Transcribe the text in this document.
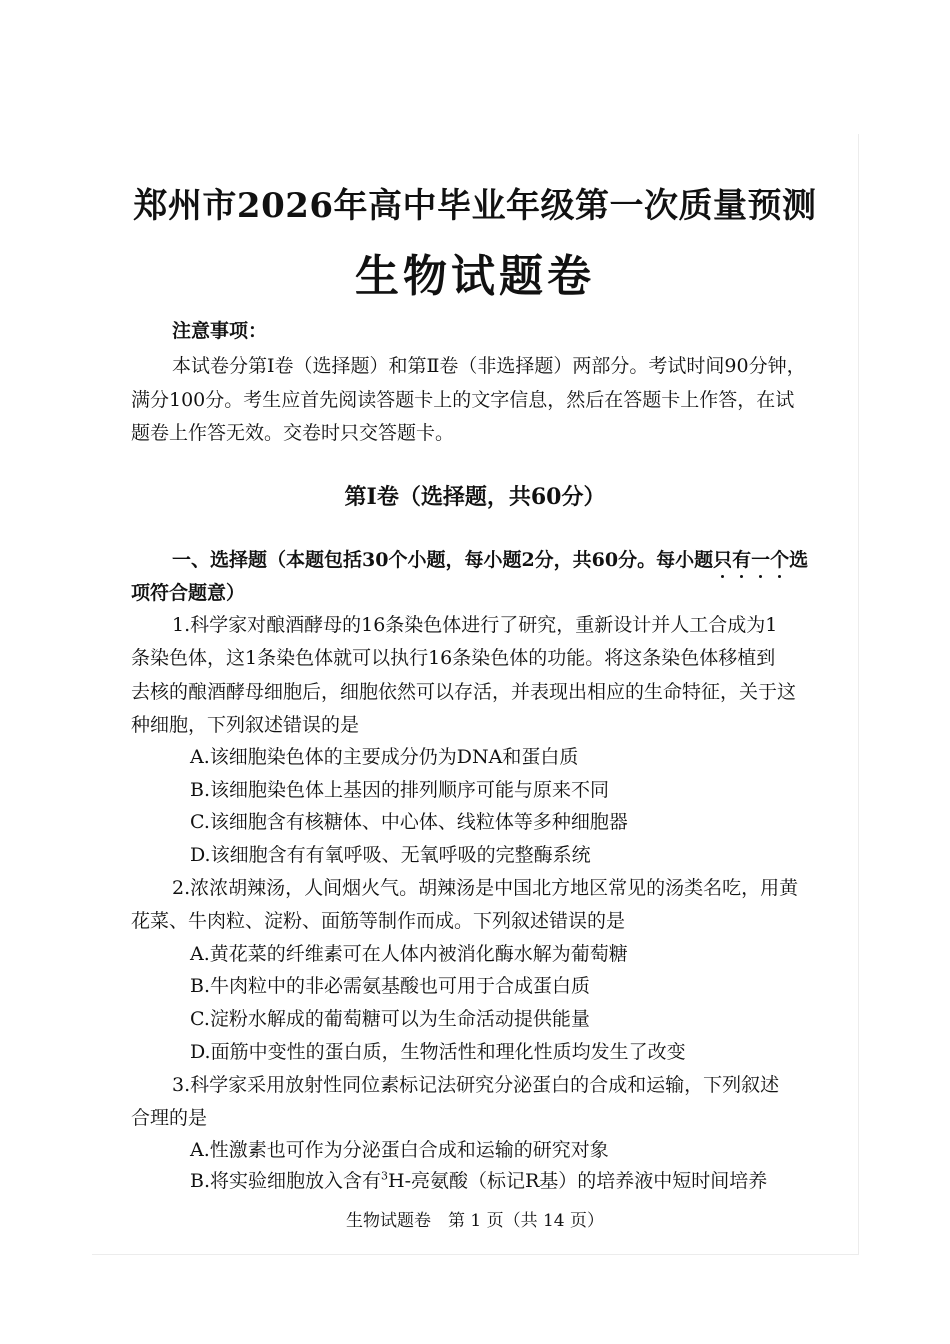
郑州市2026年高中毕业年级第一次质量预测
生物试题卷
注意事项：
本试卷分第Ⅰ卷（选择题）和第Ⅱ卷（非选择题）两部分。考试时间90分钟，
满分100分。考生应首先阅读答题卡上的文字信息，然后在答题卡上作答，在试
题卷上作答无效。交卷时只交答题卡。
第Ⅰ卷（选择题，共60分）
一、选择题（本题包括30个小题，每小题2分，共60分。每小题只有一个选
项符合题意）
1.科学家对酿酒酵母的16条染色体进行了研究，重新设计并人工合成为1
条染色体，这1条染色体就可以执行16条染色体的功能。将这条染色体移植到
去核的酿酒酵母细胞后，细胞依然可以存活，并表现出相应的生命特征，关于这
种细胞，下列叙述错误的是
A.该细胞染色体的主要成分仍为DNA和蛋白质
B.该细胞染色体上基因的排列顺序可能与原来不同
C.该细胞含有核糖体、中心体、线粒体等多种细胞器
D.该细胞含有有氧呼吸、无氧呼吸的完整酶系统
2.浓浓胡辣汤，人间烟火气。胡辣汤是中国北方地区常见的汤类名吃，用黄
花菜、牛肉粒、淀粉、面筋等制作而成。下列叙述错误的是
A.黄花菜的纤维素可在人体内被消化酶水解为葡萄糖
B.牛肉粒中的非必需氨基酸也可用于合成蛋白质
C.淀粉水解成的葡萄糖可以为生命活动提供能量
D.面筋中变性的蛋白质，生物活性和理化性质均发生了改变
3.科学家采用放射性同位素标记法研究分泌蛋白的合成和运输，下列叙述
合理的是
A.性激素也可作为分泌蛋白合成和运输的研究对象
B.将实验细胞放入含有$^3$H-亮氨酸（标记R基）的培养液中短时间培养
生物试题卷　第 1 页（共 14 页）
